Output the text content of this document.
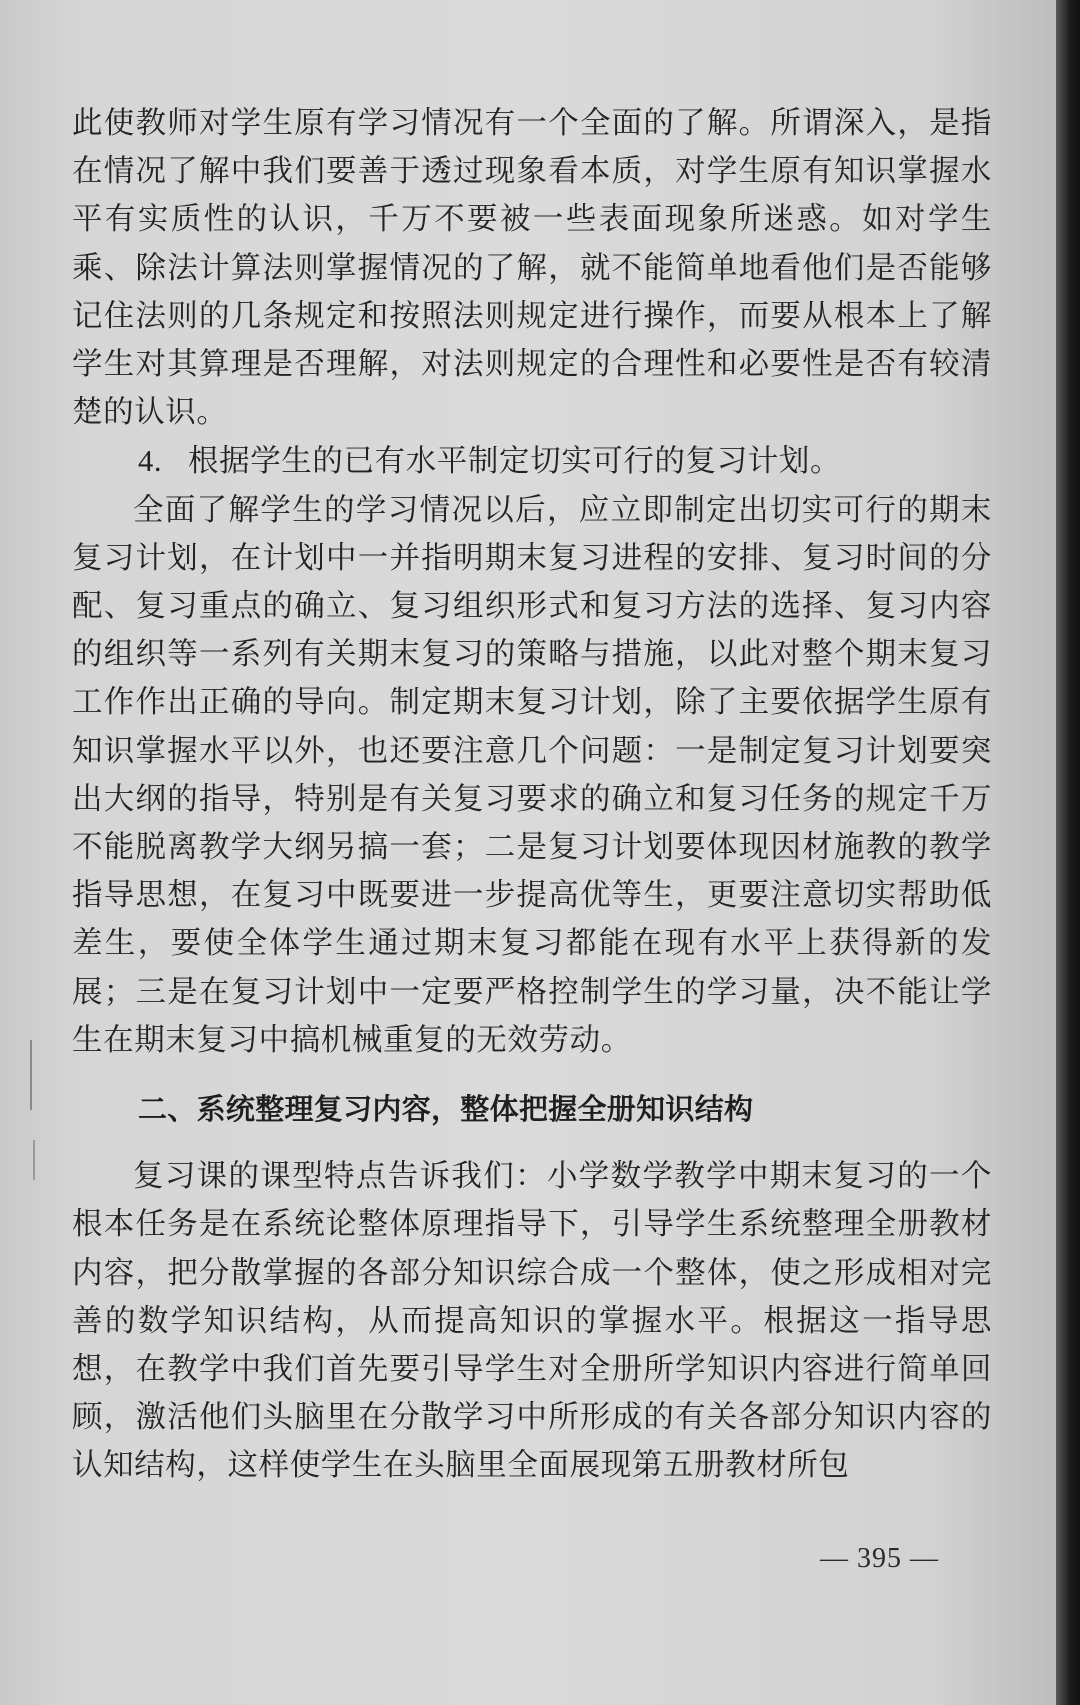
此使教师对学生原有学习情况有一个全面的了解。所谓深入，是指在情况了解中我们要善于透过现象看本质，对学生原有知识掌握水平有实质性的认识，千万不要被一些表面现象所迷惑。如对学生乘、除法计算法则掌握情况的了解，就不能简单地看他们是否能够记住法则的几条规定和按照法则规定进行操作，而要从根本上了解学生对其算理是否理解，对法则规定的合理性和必要性是否有较清楚的认识。

4. 根据学生的已有水平制定切实可行的复习计划。

全面了解学生的学习情况以后，应立即制定出切实可行的期末复习计划，在计划中一并指明期末复习进程的安排、复习时间的分配、复习重点的确立、复习组织形式和复习方法的选择、复习内容的组织等一系列有关期末复习的策略与措施，以此对整个期末复习工作作出正确的导向。制定期末复习计划，除了主要依据学生原有知识掌握水平以外，也还要注意几个问题：一是制定复习计划要突出大纲的指导，特别是有关复习要求的确立和复习任务的规定千万不能脱离教学大纲另搞一套；二是复习计划要体现因材施教的教学指导思想，在复习中既要进一步提高优等生，更要注意切实帮助低差生，要使全体学生通过期末复习都能在现有水平上获得新的发展；三是在复习计划中一定要严格控制学生的学习量，决不能让学生在期末复习中搞机械重复的无效劳动。

二、系统整理复习内容，整体把握全册知识结构

复习课的课型特点告诉我们：小学数学教学中期末复习的一个根本任务是在系统论整体原理指导下，引导学生系统整理全册教材内容，把分散掌握的各部分知识综合成一个整体，使之形成相对完善的数学知识结构，从而提高知识的掌握水平。根据这一指导思想，在教学中我们首先要引导学生对全册所学知识内容进行简单回顾，激活他们头脑里在分散学习中所形成的有关各部分知识内容的认知结构，这样使学生在头脑里全面展现第五册教材所包

— 395 —
